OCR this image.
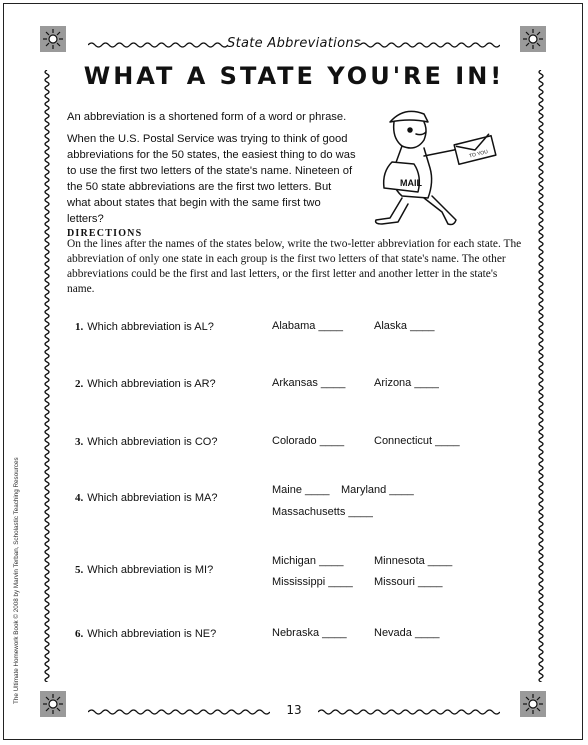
State Abbreviations
WHAT A STATE YOU'RE IN!
An abbreviation is a shortened form of a word or phrase.
When the U.S. Postal Service was trying to think of good abbreviations for the 50 states, the easiest thing to do was to use the first two letters of the state's name. Nineteen of the 50 state abbreviations are the first two letters. But what about states that begin with the same first two letters?
MAIL
TO YOU
DIRECTIONS
On the lines after the names of the states below, write the two-letter abbreviation for each state. The abbreviation of only one state in each group is the first two letters of that state's name. The other abbreviations could be the first and last letters, or the first letter and another letter in the state's name.
1. Which abbreviation is AL?	Alabama ____	Alaska ____
2. Which abbreviation is AR?	Arkansas ____	Arizona ____
3. Which abbreviation is CO?	Colorado ____	Connecticut ____
4. Which abbreviation is MA?
Maine ____ Maryland ____
Massachusetts ____
5. Which abbreviation is MI?
Michigan ____	Minnesota ____
Mississippi ____ Missouri ____
6. Which abbreviation is NE?	Nebraska ____ Nevada ____
13
The Ultimate Homework Book © 2008 by Marvin Terban, Scholastic Teaching Resources
